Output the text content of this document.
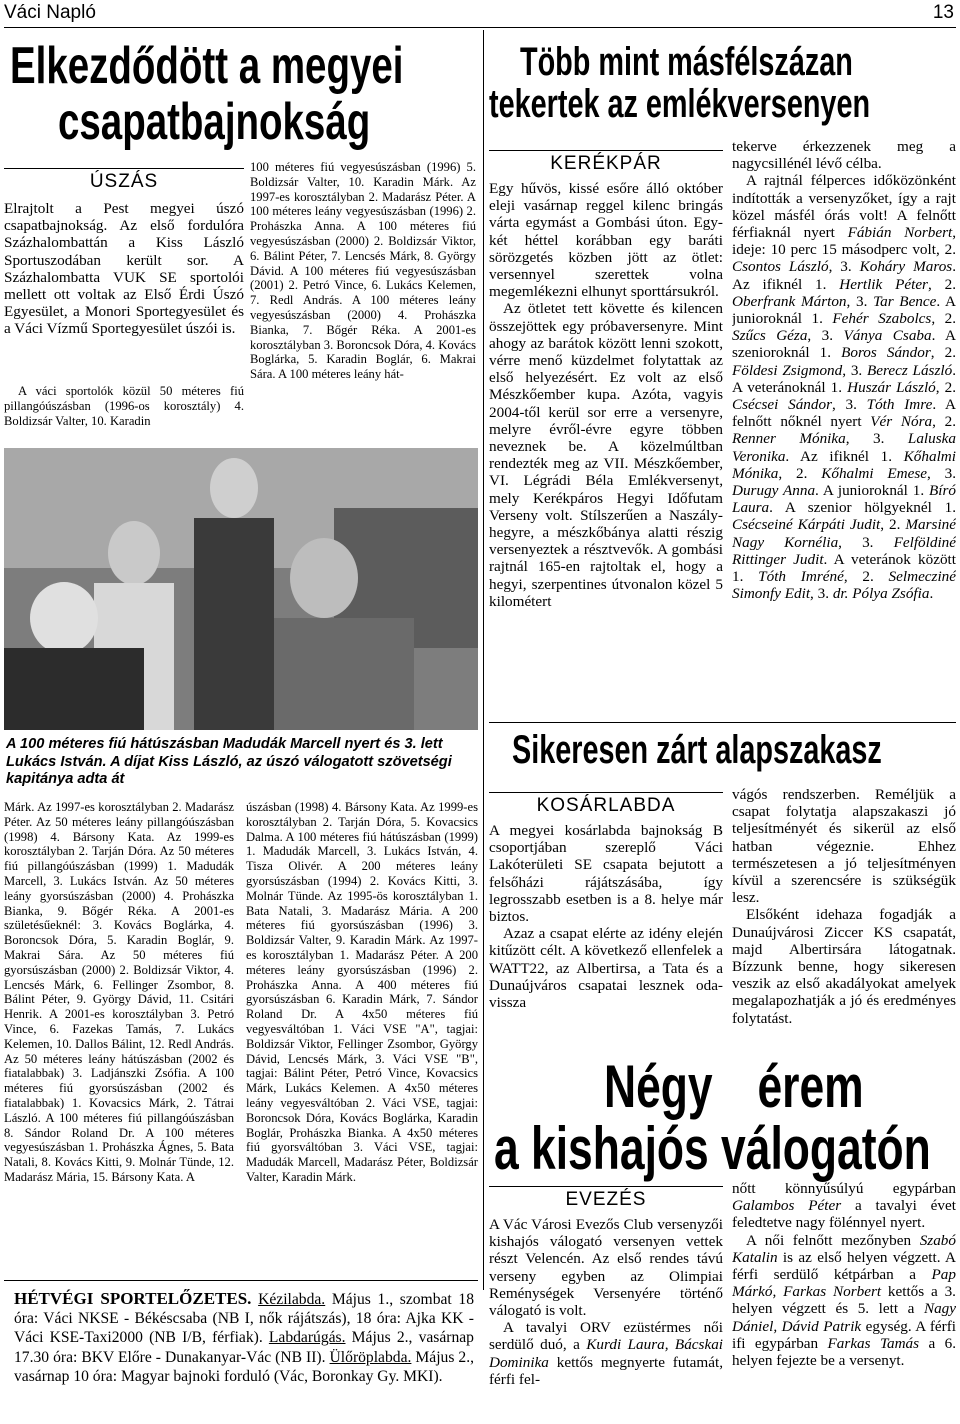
Váci Napló	13
Elkezdődött a megyei
csapatbajnokság
ÚSZÁS

Elrajtolt a Pest megyei úszó csapatbajnokság. Az első fordulóra Százhalombattán a Kiss László Sportuszodában került sor. A Százhalombatta VUK SE sportolói mellett ott voltak az Első Érdi Úszó Egyesület, a Monori Sportegyesület és a Váci Vízmű Sportegyesület úszói is.

A váci sportolók közül 50 méteres fiú pillangóúszásban (1996-os korosztály) 4. Boldizsár Valter, 10. Karadin

100 méteres fiú vegyesúszásban (1996) 5. Boldizsár Valter, 10. Karadin Márk. Az 1997-es korosztályban 2. Madarász Péter. A 100 méteres leány vegyesúszásban (1996) 2. Prohászka Anna. A 100 méteres fiú vegyesúszásban (2000) 2. Boldizsár Viktor, 6. Bálint Péter, 7. Lencsés Márk, 8. György Dávid. A 100 méteres fiú vegyesúszásban (2001) 2. Petró Vince, 6. Lukács Kelemen, 7. Redl András. A 100 méteres leány vegyesúszásban (2000) 4. Prohászka Bianka, 7. Bőgér Réka. A 2001-es korosztályban 3. Boroncsok Dóra, 4. Kovács Boglárka, 5. Karadin Boglár, 6. Makrai Sára. A 100 méteres leány hát-

A 100 méteres fiú hátúszásban Madudák Marcell nyert és 3. lett Lukács István. A díjat Kiss László, az úszó válogatott szövetségi kapitánya adta át

Márk. Az 1997-es korosztályban 2. Madarász Péter. Az 50 méteres leány pillangóúszásban (1998) 4. Bársony Kata. Az 1999-es korosztályban 2. Tarján Dóra. Az 50 méteres fiú pillangóúszásban (1999) 1. Madudák Marcell, 3. Lukács István. Az 50 méteres leány gyorsúszásban (2000) 4. Prohászka Bianka, 9. Bőgér Réka. A 2001-es születésűeknél: 3. Kovács Boglárka, 4. Boroncsok Dóra, 5. Karadin Boglár, 9. Makrai Sára. Az 50 méteres fiú gyorsúszásban (2000) 2. Boldizsár Viktor, 4. Lencsés Márk, 6. Fellinger Zsombor, 8. Bálint Péter, 9. György Dávid, 11. Csitári Henrik. A 2001-es korosztályban 3. Petró Vince, 6. Fazekas Tamás, 7. Lukács Kelemen, 10. Dallos Bálint, 12. Redl András. Az 50 méteres leány hátúszásban (2002 és fiatalabbak) 3. Ladjánszki Zsófia. A 100 méteres fiú gyorsúszásban (2002 és fiatalabbak) 1. Kovacsics Márk, 2. Tátrai László. A 100 méteres fiú pillangóúszásban 8. Sándor Roland Dr. A 100 méteres vegyesúszásban 1. Prohászka Ágnes, 5. Bata Natali, 8. Kovács Kitti, 9. Molnár Tünde, 12. Madarász Mária, 15. Bársony Kata. A

úszásban (1998) 4. Bársony Kata. Az 1999-es korosztályban 2. Tarján Dóra, 5. Kovacsics Dalma. A 100 méteres fiú hátúszásban (1999) 1. Madudák Marcell, 3. Lukács István, 4. Tisza Olivér. A 200 méteres leány gyorsúszásban (1994) 2. Kovács Kitti, 3. Molnár Tünde. Az 1995-ös korosztályban 1. Bata Natali, 3. Madarász Mária. A 200 méteres fiú gyorsúszásban (1996) 3. Boldizsár Valter, 9. Karadin Márk. Az 1997-es korosztályban 1. Madarász Péter. A 200 méteres leány gyorsúszásban (1996) 2. Prohászka Anna. A 400 méteres fiú gyorsúszásban 6. Karadin Márk, 7. Sándor Roland Dr. A 4x50 méteres fiú vegyesváltóban 1. Váci VSE "A", tagjai: Boldizsár Viktor, Fellinger Zsombor, György Dávid, Lencsés Márk, 3. Váci VSE "B", tagjai: Bálint Péter, Petró Vince, Kovacsics Márk, Lukács Kelemen. A 4x50 méteres leány vegyesváltóban 2. Váci VSE, tagjai: Boroncsok Dóra, Kovács Boglárka, Karadin Boglár, Prohászka Bianka. A 4x50 méteres fiú gyorsváltóban 3. Váci VSE, tagjai: Madudák Marcell, Madarász Péter, Boldizsár Valter, Karadin Márk.

HÉTVÉGI SPORTELŐZETES. Kézilabda. Május 1., szombat 18 óra: Váci NKSE - Békéscsaba (NB I, nők rájátszás), 18 óra: Ajka KK - Váci KSE-Taxi2000 (NB I/B, férfiak). Labdarúgás. Május 2., vasárnap 17.30 óra: BKV Előre - Dunakanyar-Vác (NB II). Ülőröplabda. Május 2., vasárnap 10 óra: Magyar bajnoki forduló (Vác, Boronkay Gy. MKI).
Több mint másfélszázan
tekertek az emlékversenyen
KERÉKPÁR

Egy hűvös, kissé esőre álló október eleji vasárnap reggel kilenc bringás várta egymást a Gombási úton. Egy-két héttel korábban egy baráti sörözgetés közben jött az ötlet: versennyel szerettek volna megemlékezni elhunyt sporttársukról.

Az ötletet tett követte és kilencen összejöttek egy próbaversenyre. Mint ahogy az barátok között lenni szokott, vérre menő küzdelmet folytattak az első helyezésért. Ez volt az első Mészkőember kupa. Azóta, vagyis 2004-től kerül sor erre a versenyre, melyre évről-évre egyre többen neveznek be. A közelmúltban rendezték meg az VII. Mészkőember, VI. Légrádi Béla Emlékversenyt, mely Kerékpáros Hegyi Időfutam Verseny volt. Stílszerűen a Naszály-hegyre, a mészkőbánya alatti részig versenyeztek a résztvevők. A gombási rajtnál 165-en rajtoltak el, hogy a hegyi, szerpentines útvonalon közel 5 kilométert

tekerve érkezzenek meg a nagycsillénél lévő célba.

A rajtnál félperces időközönként indították a versenyzőket, így a rajt közel másfél órás volt! A felnőtt férfiaknál nyert Fábián Norbert, ideje: 10 perc 15 másodperc volt, 2. Csontos László, 3. Koháry Maros. Az ifiknél 1. Hertlik Péter, 2. Oberfrank Márton, 3. Tar Bence. A junioroknál 1. Fehér Szabolcs, 2. Szűcs Géza, 3. Ványa Csaba. A szenioroknál 1. Boros Sándor, 2. Földesi Zsigmond, 3. Berecz László. A veteránoknál 1. Huszár László, 2. Csécsei Sándor, 3. Tóth Imre. A felnőtt nőknél nyert Vér Nóra, 2. Renner Mónika, 3. Laluska Veronika. Az ifiknél 1. Kőhalmi Mónika, 2. Kőhalmi Emese, 3. Durugy Anna. A junioroknál 1. Bíró Laura. A szenior hölgyeknél 1. Csécseiné Kárpáti Judit, 2. Marsiné Nagy Kornélia, 3. Felföldiné Rittinger Judit. A veteránok között 1. Tóth Imréné, 2. Selmecziné Simonfy Edit, 3. dr. Pólya Zsófia.

Sikeresen zárt alapszakasz
KOSÁRLABDA

A megyei kosárlabda bajnokság B csoportjában szereplő Váci Lakóterületi SE csapata bejutott a felsőházi rájátszásába, így legrosszabb esetben is a 8. helye már biztos.

Azaz a csapat elérte az idény elején kitűzött célt. A következő ellenfelek a WATT22, az Albertirsa, a Tata és a Dunaújváros csapatai lesznek oda-vissza

vágós rendszerben. Reméljük a csapat folytatja alapszakaszi jó teljesítményét és sikerül az első hatban végeznie. Ehhez természetesen a jó teljesítményen kívül a szerencsére is szükségük lesz.

Elsőként idehaza fogadják a Dunaújvárosi Ziccer KS csapatát, majd Albertirsára látogatnak. Bízzunk benne, hogy sikeresen veszik az első akadályokat amelyek megalapozhatják a jó és eredményes folytatást.

Négy érem
a kishajós válogatón
EVEZÉS

A Vác Városi Evezős Club versenyzői kishajós válogató versenyen vettek részt Velencén. Az első rendes távú verseny egyben az Olimpiai Reménységek Versenyére történő válogató is volt.

A tavalyi ORV ezüstérmes női serdülő duó, a Kurdi Laura, Bácskai Dominika kettős megnyerte futamát, férfi fel-

nőtt könnyűsúlyú egypárban Galambos Péter a tavalyi évet feledtetve nagy fölénnyel nyert.

A női felnőtt mezőnyben Szabó Katalin is az első helyen végzett. A férfi serdülő kétpárban a Pap Márkó, Farkas Norbert kettős a 3. helyen végzett és 5. lett a Nagy Dániel, Dávid Patrik egység. A férfi ifi egypárban Farkas Tamás a 6. helyen fejezte be a versenyt.
